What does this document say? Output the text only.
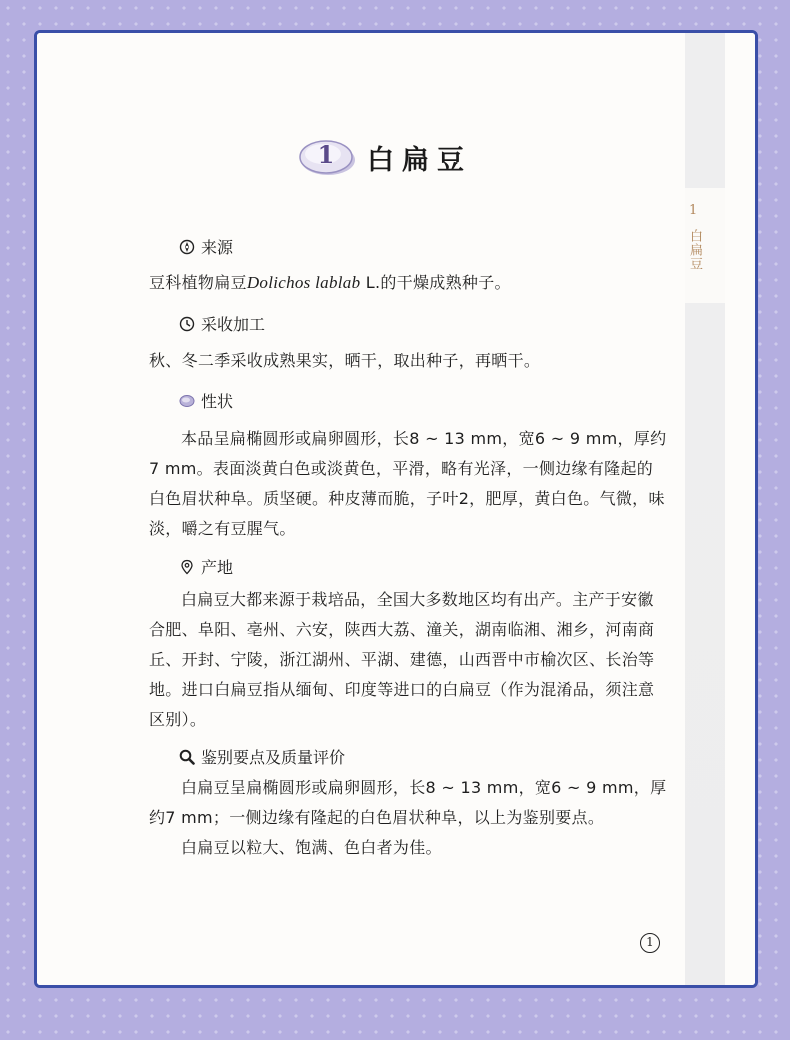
1
白扁豆
1	白扁豆
来源
豆科植物扁豆Dolichos lablab L.的干燥成熟种子。
采收加工
秋、冬二季采收成熟果实，晒干，取出种子，再晒干。
性状
本品呈扁椭圆形或扁卵圆形，长8 ~ 13 mm，宽6 ~ 9 mm，厚约7 mm。表面淡黄白色或淡黄色，平滑，略有光泽，一侧边缘有隆起的白色眉状种阜。质坚硬。种皮薄而脆，子叶2，肥厚，黄白色。气微，味淡，嚼之有豆腥气。
产地
白扁豆大都来源于栽培品，全国大多数地区均有出产。主产于安徽合肥、阜阳、亳州、六安，陕西大荔、潼关，湖南临湘、湘乡，河南商丘、开封、宁陵，浙江湖州、平湖、建德，山西晋中市榆次区、长治等地。进口白扁豆指从缅甸、印度等进口的白扁豆（作为混淆品，须注意区别）。
鉴别要点及质量评价
白扁豆呈扁椭圆形或扁卵圆形，长8 ~ 13 mm，宽6 ~ 9 mm，厚约7 mm；一侧边缘有隆起的白色眉状种阜，以上为鉴别要点。
白扁豆以粒大、饱满、色白者为佳。
1
